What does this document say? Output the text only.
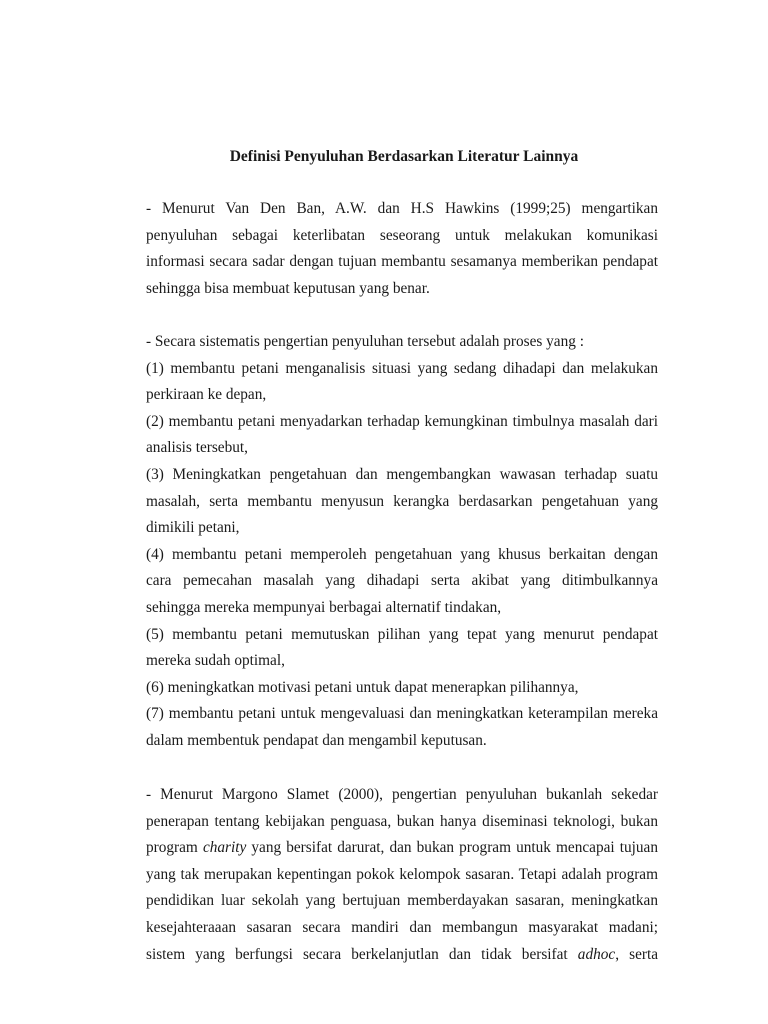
Definisi Penyuluhan Berdasarkan Literatur Lainnya
- Menurut Van Den Ban, A.W. dan H.S Hawkins (1999;25) mengartikan
penyuluhan sebagai keterlibatan seseorang untuk melakukan komunikasi
informasi secara sadar dengan tujuan membantu sesamanya memberikan pendapat
sehingga bisa membuat keputusan yang benar.
- Secara sistematis pengertian penyuluhan tersebut adalah proses yang :
(1) membantu petani menganalisis situasi yang sedang dihadapi dan melakukan
perkiraan ke depan,
(2) membantu petani menyadarkan terhadap kemungkinan timbulnya masalah dari
analisis tersebut,
(3) Meningkatkan pengetahuan dan mengembangkan wawasan terhadap suatu
masalah, serta membantu menyusun kerangka berdasarkan pengetahuan yang
dimikili petani,
(4) membantu petani memperoleh pengetahuan yang khusus berkaitan dengan
cara pemecahan masalah yang dihadapi serta akibat yang ditimbulkannya
sehingga mereka mempunyai berbagai alternatif tindakan,
(5) membantu petani memutuskan pilihan yang tepat yang menurut pendapat
mereka sudah optimal,
(6) meningkatkan motivasi petani untuk dapat menerapkan pilihannya,
(7) membantu petani untuk mengevaluasi dan meningkatkan keterampilan mereka
dalam membentuk pendapat dan mengambil keputusan.
- Menurut Margono Slamet (2000), pengertian penyuluhan bukanlah sekedar
penerapan tentang kebijakan penguasa, bukan hanya diseminasi teknologi, bukan
program charity yang bersifat darurat, dan bukan program untuk mencapai tujuan
yang tak merupakan kepentingan pokok kelompok sasaran. Tetapi adalah program
pendidikan luar sekolah yang bertujuan memberdayakan sasaran, meningkatkan
kesejahteraaan sasaran secara mandiri dan membangun masyarakat madani;
sistem yang berfungsi secara berkelanjutlan dan tidak bersifat adhoc, serta
